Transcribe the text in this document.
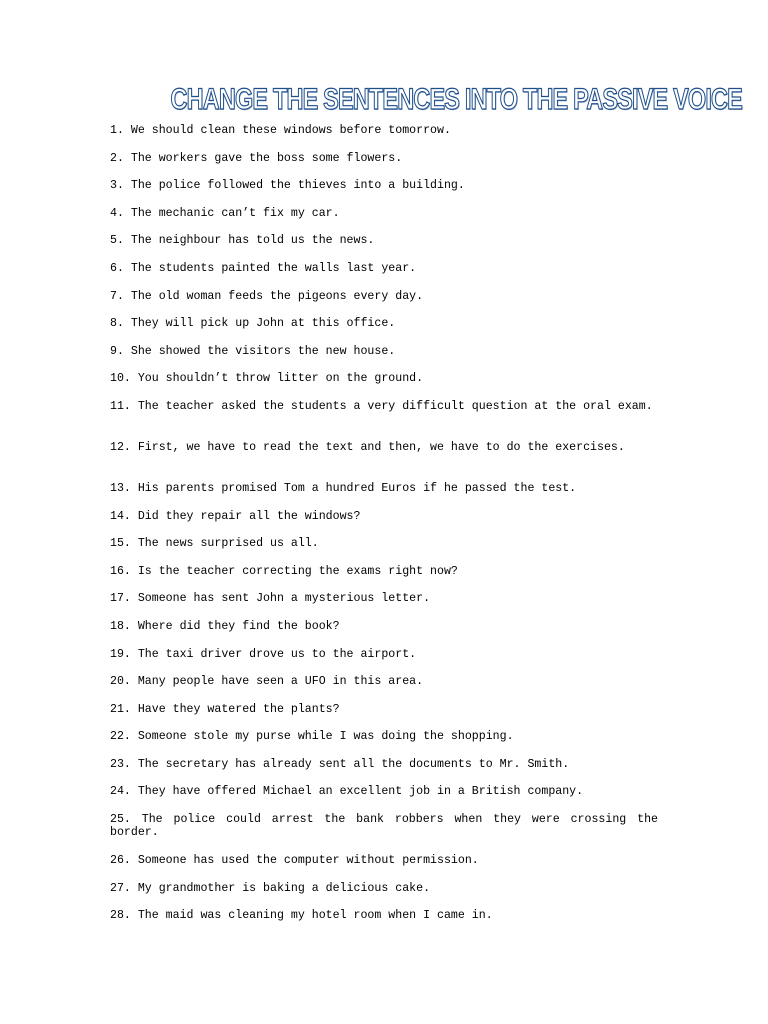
CHANGE THE SENTENCES INTO THE PASSIVE VOICE
1. We should clean these windows before tomorrow.
2. The workers gave the boss some flowers.
3. The police followed the thieves into a building.
4. The mechanic can’t fix my car.
5. The neighbour has told us the news.
6. The students painted the walls last year.
7. The old woman feeds the pigeons every day.
8. They will pick up John at this office.
9. She showed the visitors the new house.
10. You shouldn’t throw litter on the ground.
11. The teacher asked the students a very difficult question at the oral exam.
12. First, we have to read the text and then, we have to do the exercises.
13. His parents promised Tom a hundred Euros if he passed the test.
14. Did they repair all the windows?
15. The news surprised us all.
16. Is the teacher correcting the exams right now?
17. Someone has sent John a mysterious letter.
18. Where did they find the book?
19. The taxi driver drove us to the airport.
20. Many people have seen a UFO in this area.
21. Have they watered the plants?
22. Someone stole my purse while I was doing the shopping.
23. The secretary has already sent all the documents to Mr. Smith.
24. They have offered Michael an excellent job in a British company.
25. The police could arrest the bank robbers when they were crossing the border.
26. Someone has used the computer without permission.
27. My grandmother is baking a delicious cake.
28. The maid was cleaning my hotel room when I came in.
